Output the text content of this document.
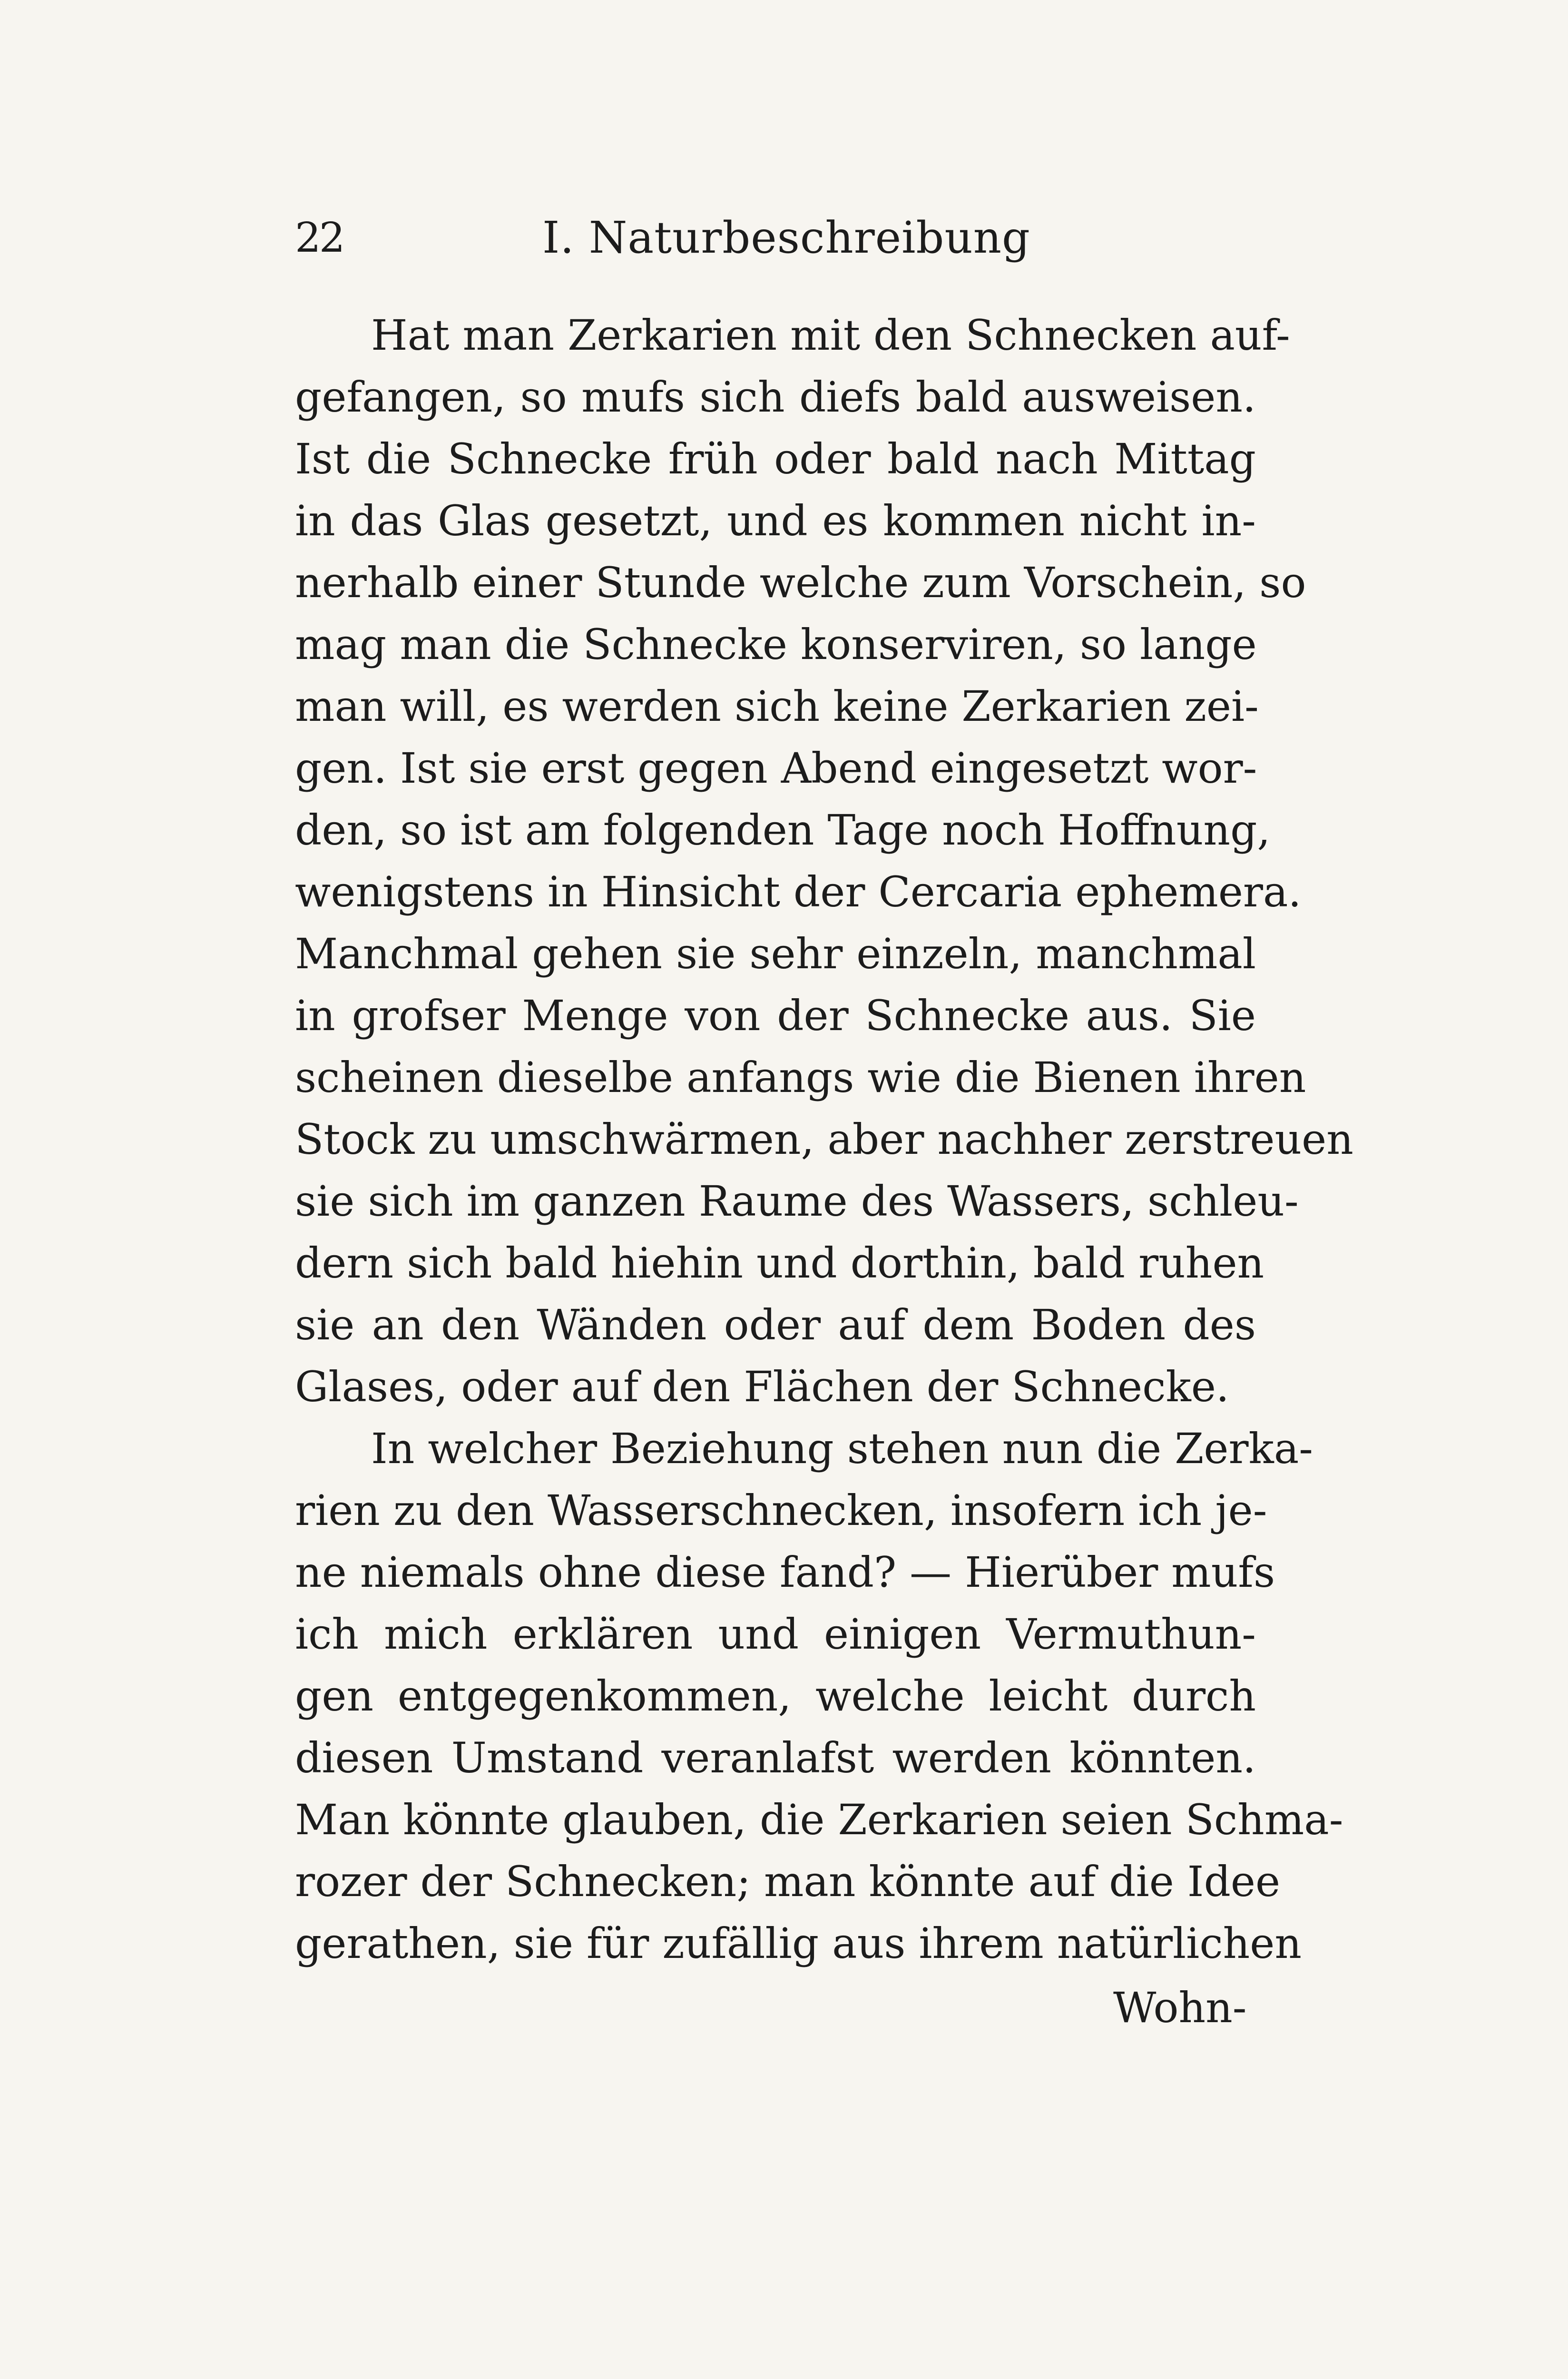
22	I. Naturbeschreibung
Hat man Zerkarien mit den Schnecken auf-
gefangen, so mufs sich diefs bald ausweisen.
Ist die Schnecke früh oder bald nach Mittag
in das Glas gesetzt, und es kommen nicht in-
nerhalb einer Stunde welche zum Vorschein, so
mag man die Schnecke konserviren, so lange
man will, es werden sich keine Zerkarien zei-
gen. Ist sie erst gegen Abend eingesetzt wor-
den, so ist am folgenden Tage noch Hoffnung,
wenigstens in Hinsicht der Cercaria ephemera.
Manchmal gehen sie sehr einzeln, manchmal
in grofser Menge von der Schnecke aus. Sie
scheinen dieselbe anfangs wie die Bienen ihren
Stock zu umschwärmen, aber nachher zerstreuen
sie sich im ganzen Raume des Wassers, schleu-
dern sich bald hiehin und dorthin, bald ruhen
sie an den Wänden oder auf dem Boden des
Glases, oder auf den Flächen der Schnecke.
In welcher Beziehung stehen nun die Zerka-
rien zu den Wasserschnecken, insofern ich je-
ne niemals ohne diese fand? — Hierüber mufs
ich mich erklären und einigen Vermuthun-
gen entgegenkommen, welche leicht durch
diesen Umstand veranlafst werden könnten.
Man könnte glauben, die Zerkarien seien Schma-
rozer der Schnecken; man könnte auf die Idee
gerathen, sie für zufällig aus ihrem natürlichen
Wohn-
